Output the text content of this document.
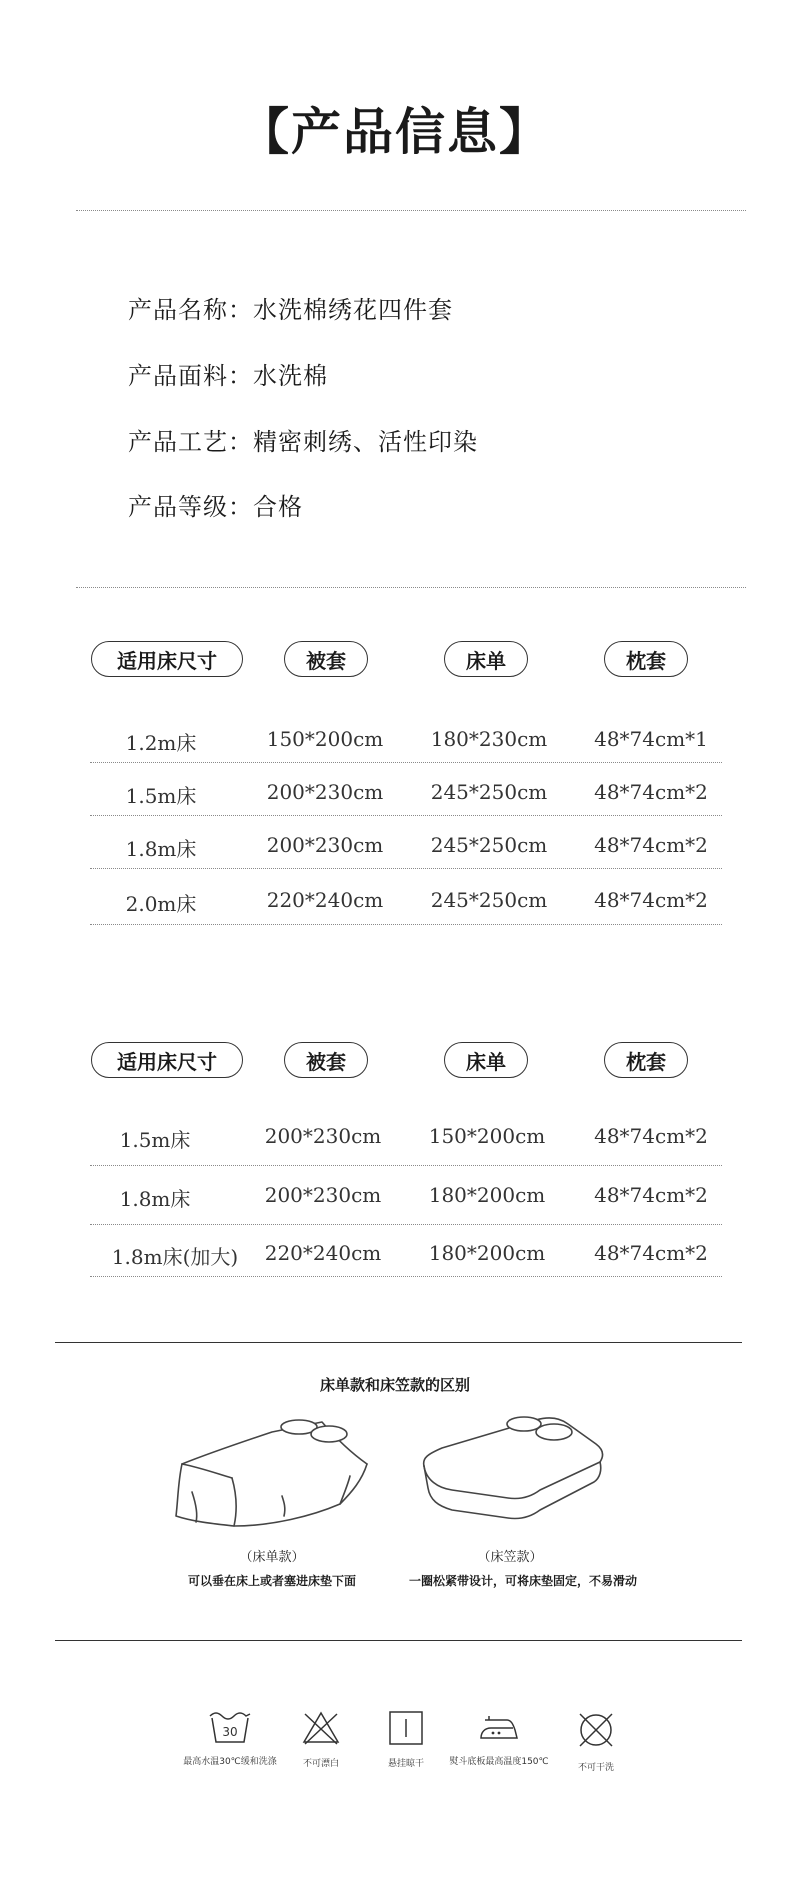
【产品信息】
产品名称：水洗棉绣花四件套
产品面料：水洗棉
产品工艺：精密刺绣、活性印染
产品等级：合格
适用床尺寸	被套	床单	枕套
1.2m床	150*200cm	180*230cm	48*74cm*1
1.5m床	200*230cm	245*250cm	48*74cm*2
1.8m床	200*230cm	245*250cm	48*74cm*2
2.0m床	220*240cm	245*250cm	48*74cm*2
适用床尺寸	被套	床单	枕套
1.5m床	200*230cm	150*200cm	48*74cm*2
1.8m床	200*230cm	180*200cm	48*74cm*2
1.8m床(加大)	220*240cm	180*200cm	48*74cm*2
床单款和床笠款的区别
（床单款）
可以垂在床上或者塞进床垫下面
（床笠款）
一圈松紧带设计，可将床垫固定，不易滑动
30
最高水温30℃缓和洗涤	不可漂白	悬挂晾干	熨斗底板最高温度150℃
不可干洗
